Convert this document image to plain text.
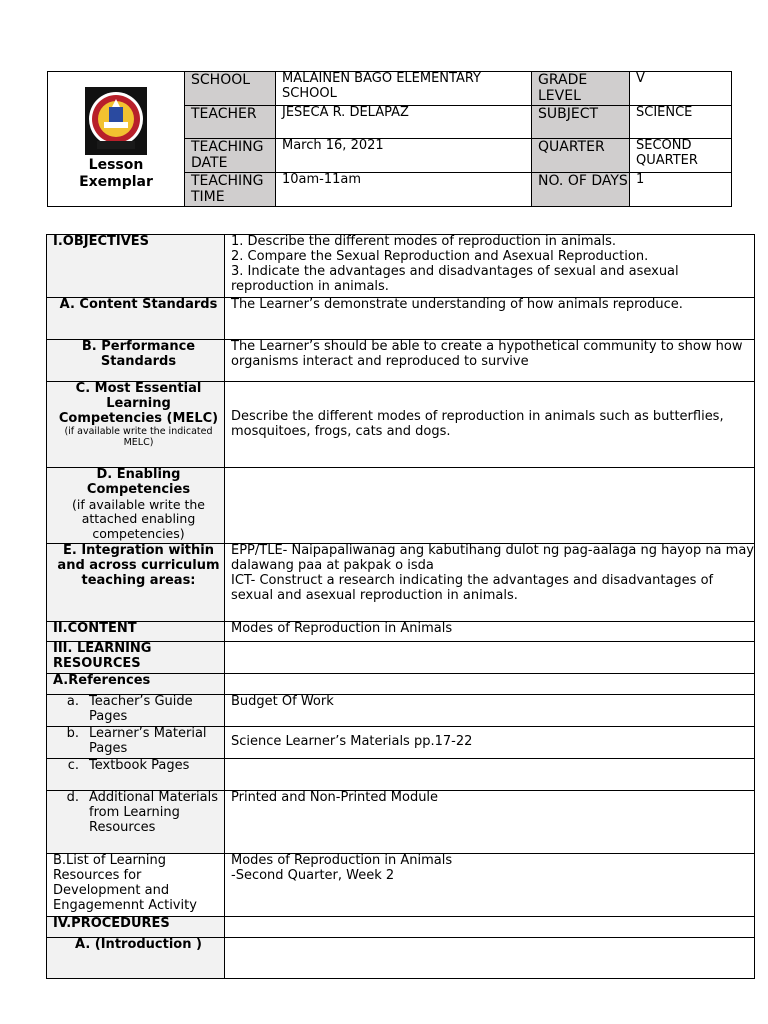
Lesson
Exemplar	SCHOOL	MALAINEN BAGO ELEMENTARY SCHOOL	GRADE LEVEL	V
	TEACHER	JESECA R. DELAPAZ	SUBJECT	SCIENCE
	TEACHING DATE	March 16, 2021	QUARTER	SECOND QUARTER
	TEACHING TIME	10am-11am	NO. OF DAYS	1
I.OBJECTIVES	1. Describe the different modes of reproduction in animals.
2. Compare the Sexual Reproduction and Asexual Reproduction.
3. Indicate the advantages and disadvantages of sexual and asexual reproduction in animals.

A. Content Standards	The Learner’s demonstrate understanding of how animals reproduce.
B. Performance Standards	The Learner’s should be able to create a hypothetical community to show how organisms interact and reproduced to survive
C. Most Essential Learning Competencies (MELC)
(if available write the indicated MELC)	Describe the different modes of reproduction in animals such as butterflies, mosquitoes, frogs, cats and dogs.
D. Enabling Competencies
(if available write the attached enabling competencies)	

E. Integration within and across curriculum teaching areas:	EPP/TLE- Naipapaliwanag ang kabutihang dulot ng pag-aalaga ng hayop na may dalawang paa at pakpak o isda
ICT- Construct a research indicating the advantages and disadvantages of sexual and asexual reproduction in animals.

II.CONTENT	Modes of Reproduction in Animals
III. LEARNING RESOURCES	
A.References	

a. Teacher’s Guide Pages	Budget Of Work

b. Learner’s Material Pages	Science Learner’s Materials pp.17-22

c. Textbook Pages	

d. Additional Materials from Learning Resources	Printed and Non-Printed Module
B.List of Learning Resources for Development and Engagemennt Activity	Modes of Reproduction in Animals
-Second Quarter, Week 2

IV.PROCEDURES	
A. (Introduction )	
